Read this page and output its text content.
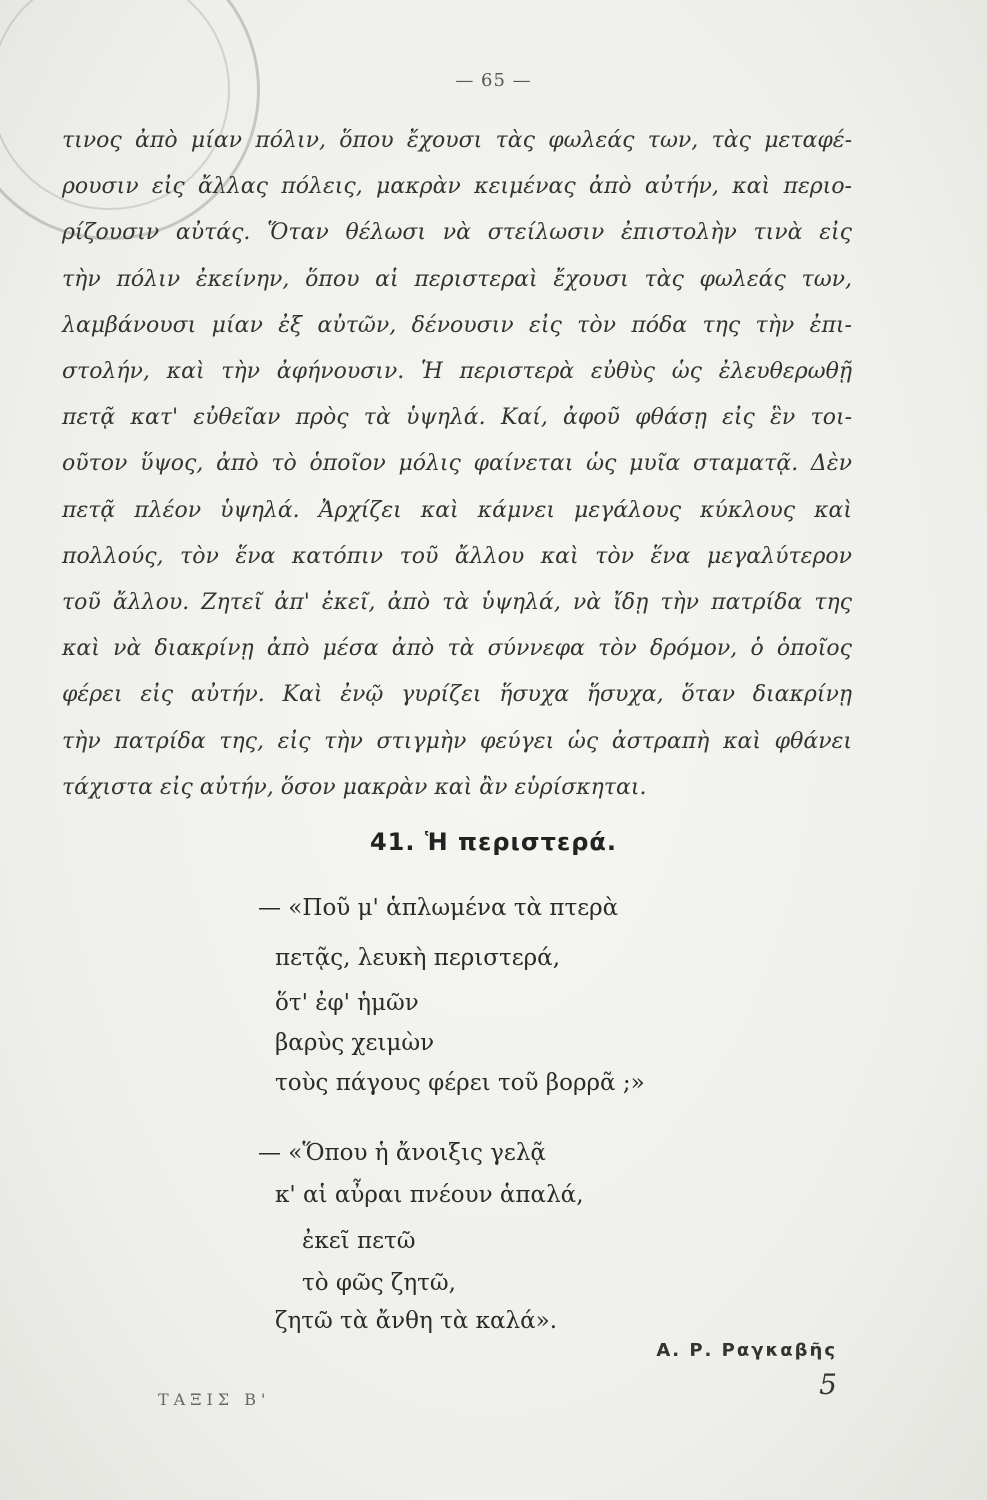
— 65 —
τινος ἀπὸ μίαν πόλιν, ὅπου ἔχουσι τὰς φωλεάς των, τὰς μεταφέ-
ρουσιν εἰς ἄλλας πόλεις, μακρὰν κειμένας ἀπὸ αὐτήν, καὶ περιο-
ρίζουσιν αὐτάς. Ὅταν θέλωσι νὰ στείλωσιν ἐπιστολὴν τινὰ εἰς
τὴν πόλιν ἐκείνην, ὅπου αἱ περιστεραὶ ἔχουσι τὰς φωλεάς των,
λαμβάνουσι μίαν ἐξ αὐτῶν, δένουσιν εἰς τὸν πόδα της τὴν ἐπι-
στολήν, καὶ τὴν ἀφήνουσιν. Ἡ περιστερὰ εὐθὺς ὡς ἐλευθερωθῇ
πετᾷ κατ' εὐθεῖαν πρὸς τὰ ὑψηλά. Καί, ἀφοῦ φθάσῃ εἰς ἓν τοι-
οῦτον ὕψος, ἀπὸ τὸ ὁποῖον μόλις φαίνεται ὡς μυῖα σταματᾷ. Δὲν
πετᾷ πλέον ὑψηλά. Ἀρχίζει καὶ κάμνει μεγάλους κύκλους καὶ
πολλούς, τὸν ἕνα κατόπιν τοῦ ἄλλου καὶ τὸν ἕνα μεγαλύτερον
τοῦ ἄλλου. Ζητεῖ ἀπ' ἐκεῖ, ἀπὸ τὰ ὑψηλά, νὰ ἴδῃ τὴν πατρίδα της
καὶ νὰ διακρίνῃ ἀπὸ μέσα ἀπὸ τὰ σύννεφα τὸν δρόμον, ὁ ὁποῖος
φέρει εἰς αὐτήν. Καὶ ἐνῷ γυρίζει ἥσυχα ἥσυχα, ὅταν διακρίνῃ
τὴν πατρίδα της, εἰς τὴν στιγμὴν φεύγει ὡς ἀστραπὴ καὶ φθάνει
τάχιστα εἰς αὐτήν, ὅσον μακρὰν καὶ ἂν εὑρίσκηται.
41. Ἡ περιστερά.
— «Ποῦ μ' ἁπλωμένα τὰ πτερὰ
πετᾷς, λευκὴ περιστερά,
ὅτ' ἐφ' ἡμῶν
βαρὺς χειμὼν
τοὺς πάγους φέρει τοῦ βορρᾶ ;»
— «Ὅπου ἡ ἄνοιξις γελᾷ
κ' αἱ αὖραι πνέουν ἁπαλά,
ἐκεῖ πετῶ
τὸ φῶς ζητῶ,
ζητῶ τὰ ἄνθη τὰ καλά».
Α. Ρ. Ραγκαβῆς
ΤΑΞΙΣ Β'	5
